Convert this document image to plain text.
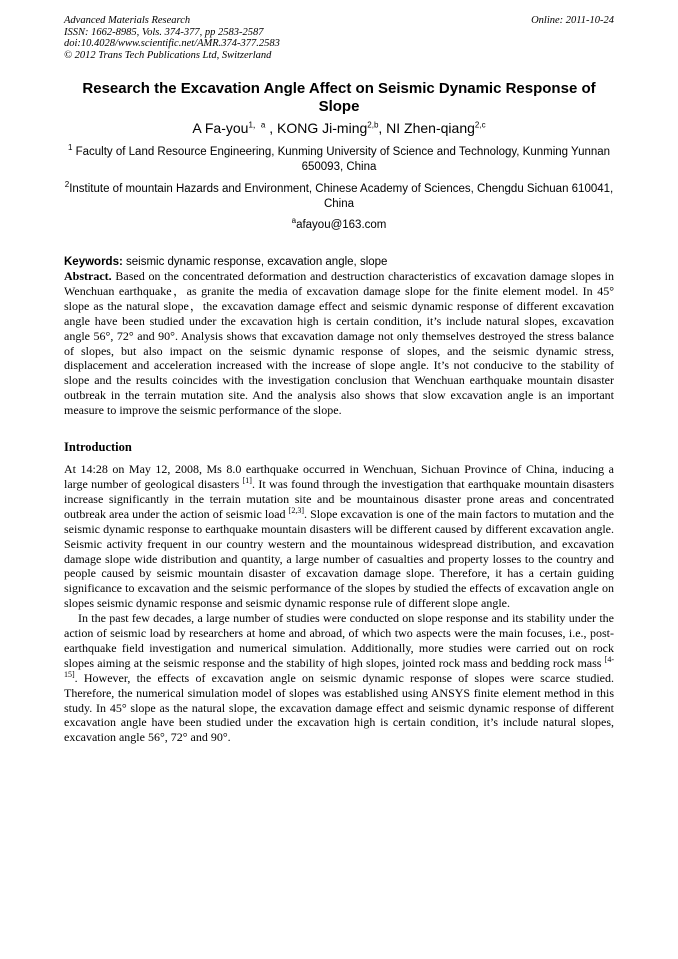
Advanced Materials Research
ISSN: 1662-8985, Vols. 374-377, pp 2583-2587
doi:10.4028/www.scientific.net/AMR.374-377.2583
© 2012 Trans Tech Publications Ltd, Switzerland
Online: 2011-10-24
Research the Excavation Angle Affect on Seismic Dynamic Response of Slope
A Fa-you$^{1,a}$ , KONG Ji-ming$^{2,b}$, NI Zhen-qiang$^{2,c}$
$^1$ Faculty of Land Resource Engineering, Kunming University of Science and Technology, Kunming Yunnan 650093, China
$^2$Institute of mountain Hazards and Environment, Chinese Academy of Sciences, Chengdu Sichuan 610041, China
$^a$afayou@163.com
Keywords: seismic dynamic response, excavation angle, slope

Abstract. Based on the concentrated deformation and destruction characteristics of excavation damage slopes in Wenchuan earthquake，as granite the media of excavation damage slope for the finite element model. In 45° slope as the natural slope，the excavation damage effect and seismic dynamic response of different excavation angle have been studied under the excavation high is certain condition, it’s include natural slopes, excavation angle 56°, 72° and 90°. Analysis shows that excavation damage not only themselves destroyed the stress balance of slopes, but also impact on the seismic dynamic response of slopes, and the seismic dynamic stress, displacement and acceleration increased with the increase of slope angle. It’s not conducive to the stability of slope and the results coincides with the investigation conclusion that Wenchuan earthquake mountain disaster outbreak in the terrain mutation site. And the analysis also shows that slow excavation angle is an important measure to improve the seismic performance of the slope.

Introduction

At 14:28 on May 12, 2008, Ms 8.0 earthquake occurred in Wenchuan, Sichuan Province of China, inducing a large number of geological disasters [1]. It was found through the investigation that earthquake mountain disasters increase significantly in the terrain mutation site and be mountainous disaster prone areas and concentrated outbreak area under the action of seismic load [2,3]. Slope excavation is one of the main factors to mutation and the seismic dynamic response to earthquake mountain disasters will be different caused by different excavation angle. Seismic activity frequent in our country western and the mountainous widespread distribution, and excavation damage slope wide distribution and quantity, a large number of casualties and property losses to the country and people caused by seismic mountain disaster of excavation damage slope. Therefore, it has a certain guiding significance to excavation and the seismic performance of the slopes by studied the effects of excavation angle on slopes seismic dynamic response and seismic dynamic response rule of different slope angle.

In the past few decades, a large number of studies were conducted on slope response and its stability under the action of seismic load by researchers at home and abroad, of which two aspects were the main focuses, i.e., post-earthquake field investigation and numerical simulation. Additionally, more studies were carried out on rock slopes aiming at the seismic response and the stability of high slopes, jointed rock mass and bedding rock mass [4-15]. However, the effects of excavation angle on seismic dynamic response of slopes were scarce studied. Therefore, the numerical simulation model of slopes was established using ANSYS finite element method in this study. In 45° slope as the natural slope, the excavation damage effect and seismic dynamic response of different excavation angle have been studied under the excavation high is certain condition, it’s include natural slopes, excavation angle 56°, 72° and 90°.
